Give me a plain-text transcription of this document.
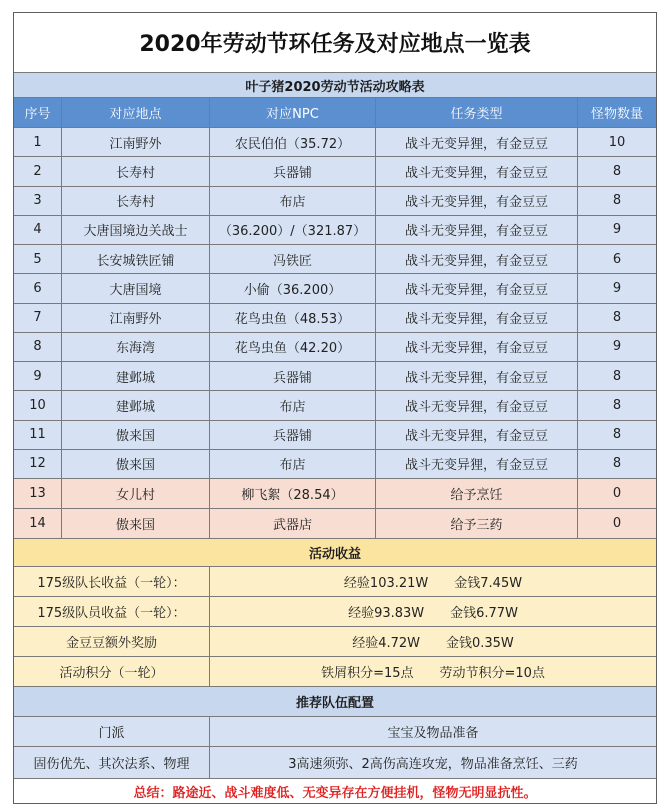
2020年劳动节环任务及对应地点一览表
叶子猪2020劳动节活动攻略表
序号	对应地点	对应NPC	任务类型	怪物数量
1	江南野外	农民伯伯（35.72）	战斗无变异狸，有金豆豆	10
2	长寿村	兵器铺	战斗无变异狸，有金豆豆	8
3	长寿村	布店	战斗无变异狸，有金豆豆	8
4	大唐国境边关战士	（36.200）/（321.87）	战斗无变异狸，有金豆豆	9
5	长安城铁匠铺	冯铁匠	战斗无变异狸，有金豆豆	6
6	大唐国境	小偷（36.200）	战斗无变异狸，有金豆豆	9
7	江南野外	花鸟虫鱼（48.53）	战斗无变异狸，有金豆豆	8
8	东海湾	花鸟虫鱼（42.20）	战斗无变异狸，有金豆豆	9
9	建邺城	兵器铺	战斗无变异狸，有金豆豆	8
10	建邺城	布店	战斗无变异狸，有金豆豆	8
11	傲来国	兵器铺	战斗无变异狸，有金豆豆	8
12	傲来国	布店	战斗无变异狸，有金豆豆	8
13	女儿村	柳飞絮（28.54）	给予烹饪	0
14	傲来国	武器店	给予三药	0
活动收益
175级队长收益（一轮）：	经验103.21W　　金钱7.45W
175级队员收益（一轮）：	经验93.83W　　金钱6.77W
金豆豆额外奖励	经验4.72W　　金钱0.35W
活动积分（一轮）	铁屑积分=15点　　劳动节积分=10点
推荐队伍配置
门派	宝宝及物品准备
固伤优先、其次法系、物理	3高速须弥、2高伤高连攻宠，物品准备烹饪、三药
总结：路途近、战斗难度低、无变异存在方便挂机，怪物无明显抗性。
